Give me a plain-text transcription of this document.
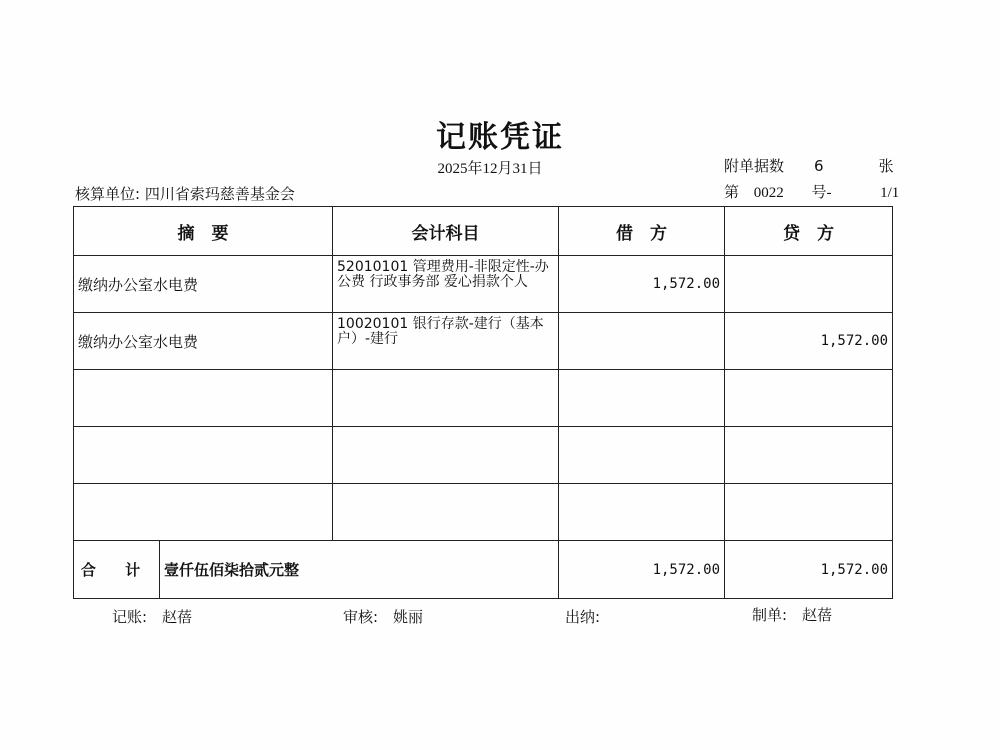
记账凭证
2025年12月31日	附单据数 6	张
核算单位: 四川省索玛慈善基金会	第 0022 号-	1/1
摘　要		会计科目	借　方	贷　方
缴纳办公室水电费		52010101 管理费用-非限定性-办公费 行政事务部 爱心捐款个人	1,572.00	
缴纳办公室水电费		10020101 银行存款-建行（基本户）-建行		1,572.00

合 计	壹仟伍佰柒拾贰元整		1,572.00	1,572.00
记账:　赵蓓	审核:　姚丽	出纳:	制单:　赵蓓
